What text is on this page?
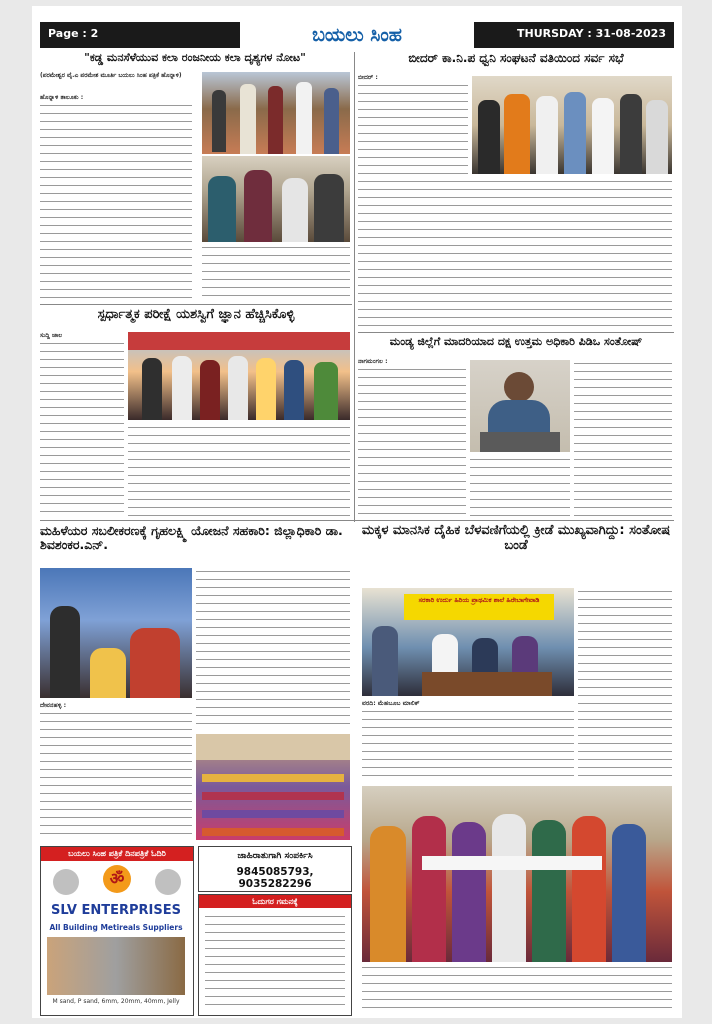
Page : 2	ಬಯಲು ಸಿಂಹ	THURSDAY : 31-08-2023
"ಕಡ್ಡ ಮನಸೆಳೆಯುವ ಕಲಾ ರಂಜನೀಯ ಕಲಾ ದೃಶ್ಯಗಳ ನೋಟ"
(ಪರಮೇಶ್ವರ ವೈ.ಎ ಪರಮೇಶ ಮೂರ್ತಿ ಬಯಲು ಸಿಂಹ ಪತ್ರಿಕೆ ಹೊನ್ನಾಳಿ)
ಹೊನ್ನಾಳಿ ತಾಲೂಕು :
ಬೀದರ್ ಕಾ.ನಿ.ಪ ಧ್ವನಿ ಸಂಘಟನೆ ವತಿಯಿಂದ ಸರ್ವ ಸಭೆ
ಬೀದರ್ :
ಸ್ಪರ್ಧಾತ್ಮಕ ಪರೀಕ್ಷೆ ಯಶಸ್ವಿಗೆ ಜ್ಞಾನ ಹೆಚ್ಚಿಸಿಕೊಳ್ಳಿ
ಸುದ್ದಿ ಜಾಲ	ಮಂಡ್ಯ ಜಿಲ್ಲೆಗೆ ಮಾದರಿಯಾದ ದಕ್ಷ ಉತ್ತಮ ಅಧಿಕಾರಿ ಪಿಡಿಒ ಸಂತೋಷ್
ನಾಗಮಂಗಲ :
ಮಹಿಳೆಯರ ಸಬಲೀಕರಣಕ್ಕೆ ಗೃಹಲಕ್ಷ್ಮಿ ಯೋಜನೆ ಸಹಕಾರಿ: ಜಿಲ್ಲಾಧಿಕಾರಿ ಡಾ. ಶಿವಶಂಕರ.ಎನ್.
ದೇವನಹಳ್ಳಿ :
ಬಯಲು ಸಿಂಹ ಪತ್ರಿಕೆ ದಿನಪತ್ರಿಕೆ ಓದಿರಿ
ॐ
SLV ENTERPRISES
All Building Metireals Suppliers
M sand, P sand, 6mm, 20mm, 40mm, Jelly
ಜಾಹಿರಾತುಗಾಗಿ ಸಂಪರ್ಕಿಸಿ
9845085793, 9035282296
ಓದುಗರ ಗಮನಕ್ಕೆ
ಮಕ್ಕಳ ಮಾನಸಿಕ ದೈಹಿಕ ಬೆಳವಣಿಗೆಯಲ್ಲಿ ಕ್ರೀಡೆ ಮುಖ್ಯವಾಗಿದ್ದು: ಸಂತೋಷ ಬಂಡೆ
ಸರಕಾರಿ ಉರ್ದು ಹಿರಿಯ ಪ್ರಾಥಮಿಕ ಶಾಲೆ ಹಿರೇಬಾಗೇವಾಡಿ
ವರದಿ: ಮೆಹಬೂಬ ಮಾಲಿಕ್
